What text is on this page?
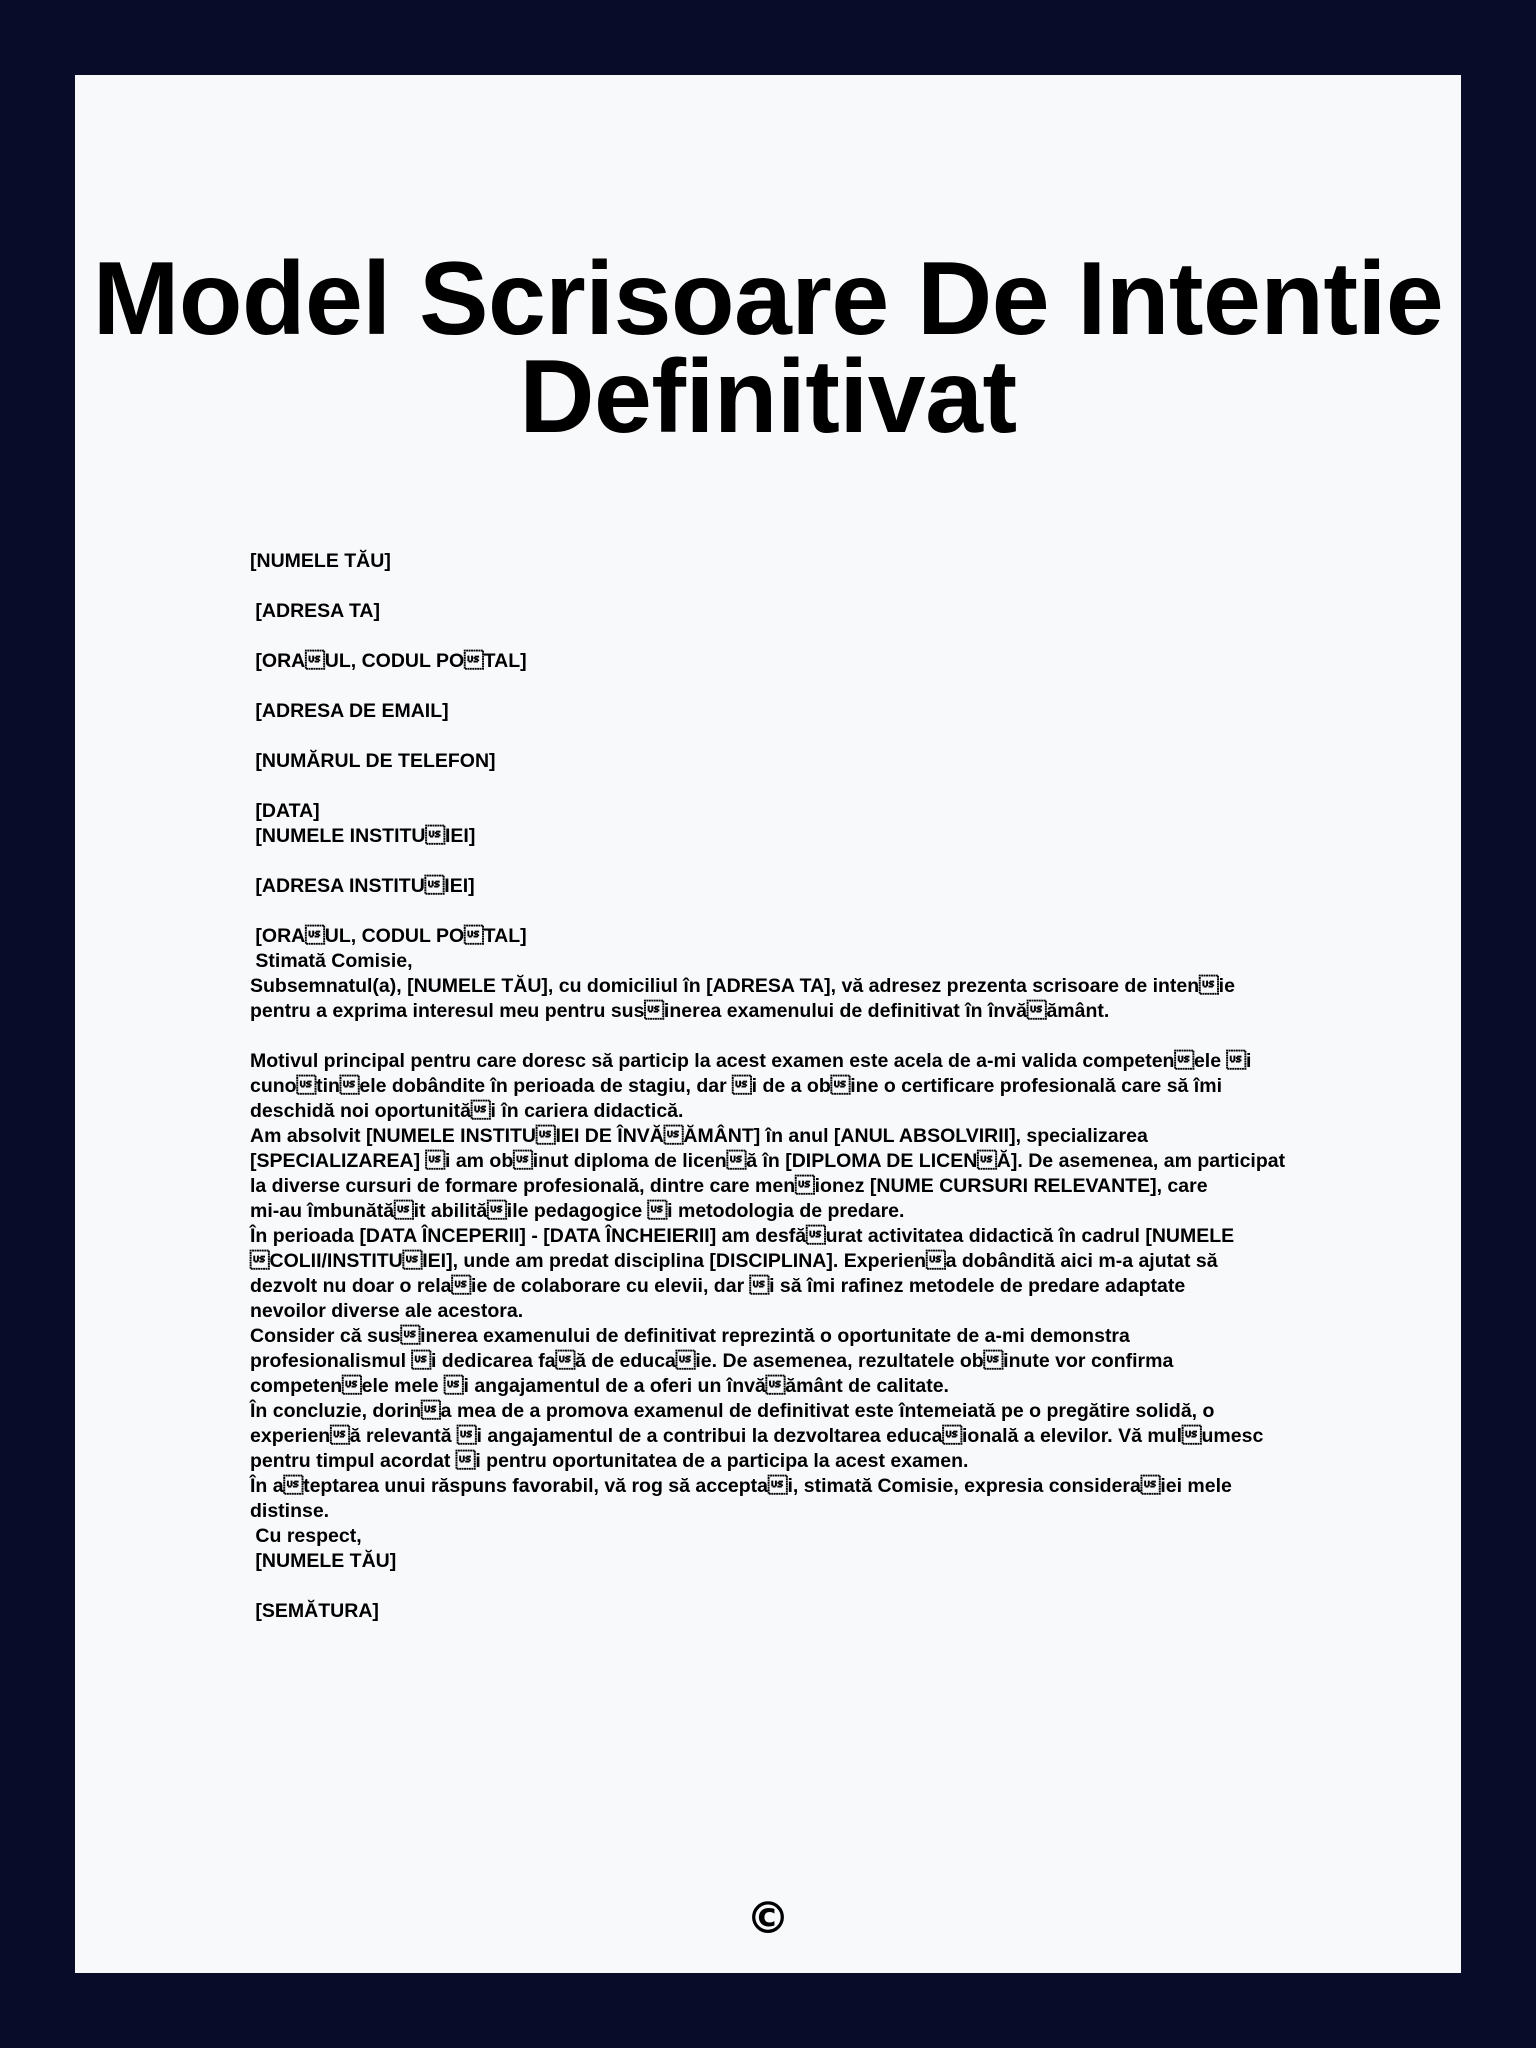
Model Scrisoare De Intentie Definitivat

[NUMELE TĂU]

[ADRESA TA]

[ORAUL, CODUL POTAL]

[ADRESA DE EMAIL]

[NUMĂRUL DE TELEFON]

[DATA]

[NUMELE INSTITUIEI]

[ADRESA INSTITUIEI]

[ORAUL, CODUL POTAL]

Stimată Comisie,

Subsemnatul(a), [NUMELE TĂU], cu domiciliul în [ADRESA TA], vă adresez prezenta scrisoare de intenie

pentru a exprima interesul meu pentru susinerea examenului de definitivat în învăământ.

Motivul principal pentru care doresc să particip la acest examen este acela de a-mi valida competenele i

cunotinele dobândite în perioada de stagiu, dar i de a obine o certificare profesională care să îmi

deschidă noi oportunităi în cariera didactică.

Am absolvit [NUMELE INSTITUIEI DE ÎNVĂĂMÂNT] în anul [ANUL ABSOLVIRII], specializarea

[SPECIALIZAREA] i am obinut diploma de licenă în [DIPLOMA DE LICENĂ]. De asemenea, am participat

la diverse cursuri de formare profesională, dintre care menionez [NUME CURSURI RELEVANTE], care

mi-au îmbunătăit abilităile pedagogice i metodologia de predare.

În perioada [DATA ÎNCEPERII] - [DATA ÎNCHEIERII] am desfăurat activitatea didactică în cadrul [NUMELE

COLII/INSTITUIEI], unde am predat disciplina [DISCIPLINA]. Experiena dobândită aici m-a ajutat să

dezvolt nu doar o relaie de colaborare cu elevii, dar i să îmi rafinez metodele de predare adaptate

nevoilor diverse ale acestora.

Consider că susinerea examenului de definitivat reprezintă o oportunitate de a-mi demonstra

profesionalismul i dedicarea faă de educaie. De asemenea, rezultatele obinute vor confirma

competenele mele i angajamentul de a oferi un învăământ de calitate.

În concluzie, dorina mea de a promova examenul de definitivat este întemeiată pe o pregătire solidă, o

experienă relevantă i angajamentul de a contribui la dezvoltarea educaională a elevilor. Vă mulumesc

pentru timpul acordat i pentru oportunitatea de a participa la acest examen.

În ateptarea unui răspuns favorabil, vă rog să acceptai, stimată Comisie, expresia consideraiei mele

distinse.

Cu respect,

[NUMELE TĂU]

[SEMĂTURA]

©
